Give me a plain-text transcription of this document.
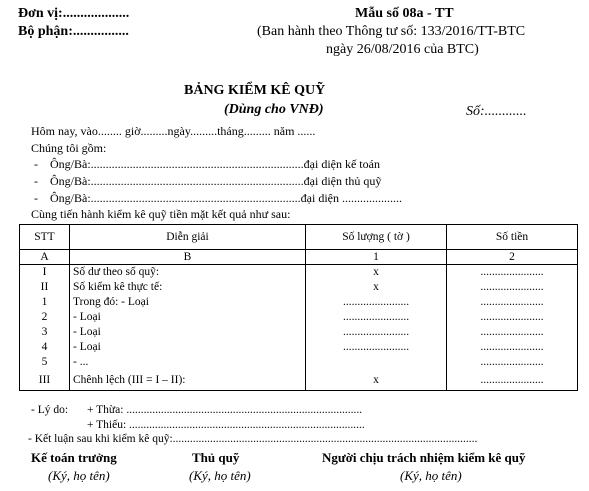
Đơn vị:...................
Bộ phận:................
Mẫu số 08a - TT
(Ban hành theo Thông tư số: 133/2016/TT-BTC
ngày 26/08/2016 của BTC)
BẢNG KIỂM KÊ QUỸ
(Dùng cho VNĐ)	Số:............
Hôm nay, vào........ giờ.........ngày.........tháng......... năm ......
Chúng tôi gồm:
- Ông/Bà:.......................................................................đại diện kế toán
- Ông/Bà:.......................................................................đại diện thủ quỹ
- Ông/Bà:......................................................................đại diện ....................
Cùng tiến hành kiểm kê quỹ tiền mặt kết quả như sau:
STT	Diễn giải	Số lượng ( tờ )	Số tiền
A	B	1	2
I	Số dư theo sổ quỹ:	x	......................
II	Số kiểm kê thực tế:	x	......................
1	Trong đó: - Loại	.......................	......................
2	- Loại	.......................	......................
3	- Loại	.......................	......................
4	- Loại	.......................	......................
5	- ...		......................
III	Chênh lệch (III = I – II):	x	......................
- Lý do: + Thừa: ..................................................................................
+ Thiếu: ..................................................................................
- Kết luận sau khi kiểm kê quỹ:..........................................................................................................
Kế toán trưởng	Thủ quỹ	Người chịu trách nhiệm kiểm kê quỹ
(Ký, họ tên)	(Ký, họ tên)	(Ký, họ tên)
